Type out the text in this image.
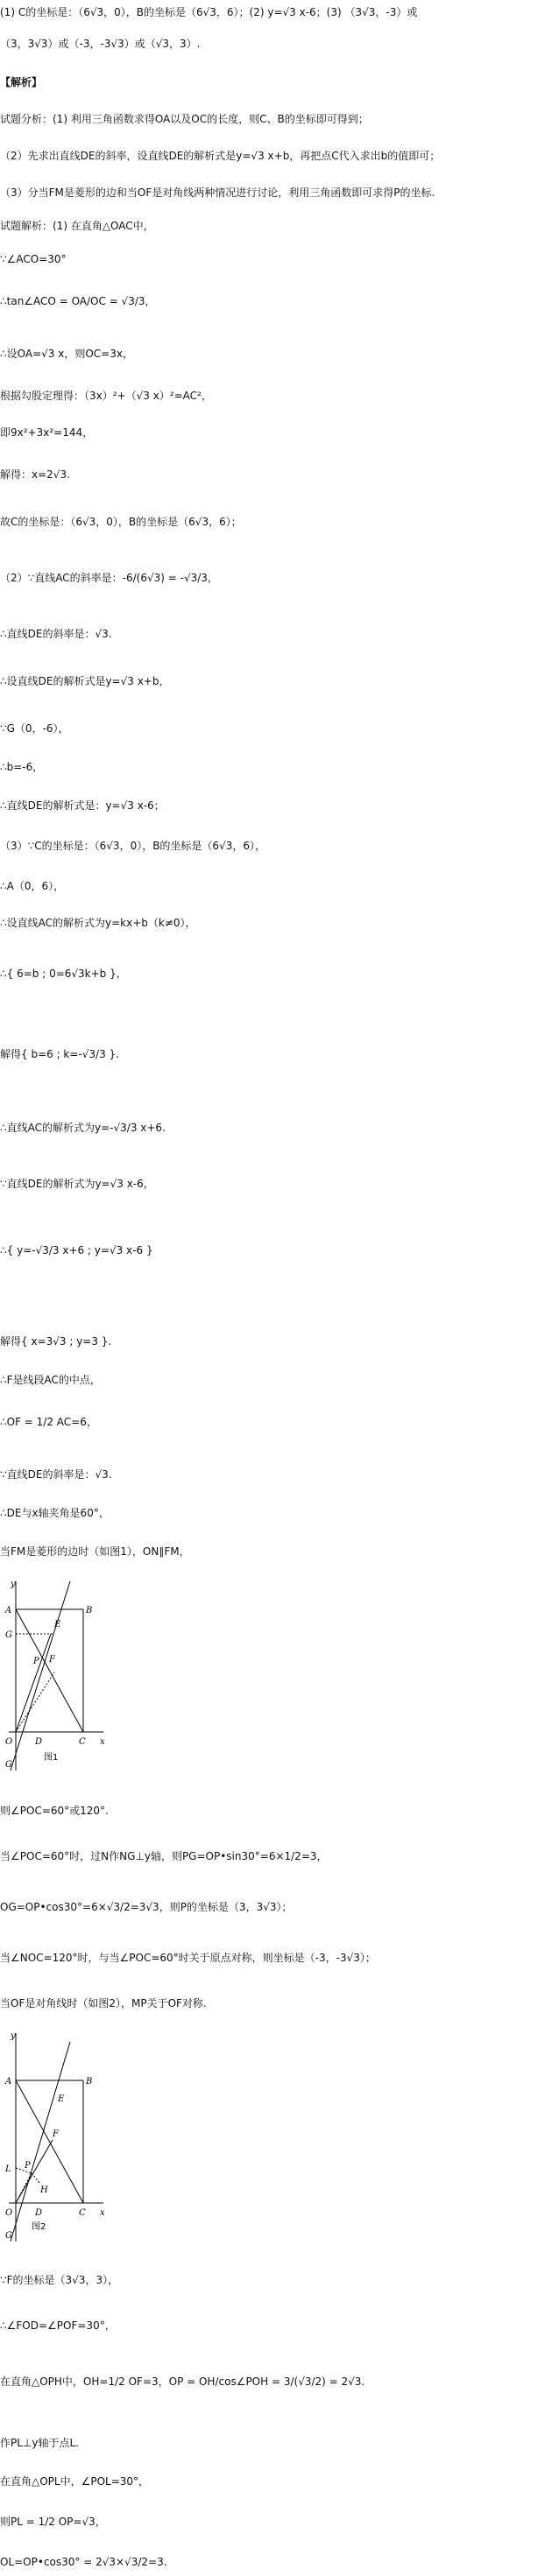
(1) C的坐标是：（6√3，0），B的坐标是（6√3，6）；(2) y=√3 x-6；(3) （3√3，-3）或
（3，3√3）或（-3，-3√3）或（√3，3）.
【解析】
试题分析：(1) 利用三角函数求得OA以及OC的长度，则C、B的坐标即可得到；
（2）先求出直线DE的斜率，设直线DE的解析式是y=√3 x+b，再把点C代入求出b的值即可；
（3）分当FM是菱形的边和当OF是对角线两种情况进行讨论，利用三角函数即可求得P的坐标.
试题解析：(1) 在直角△OAC中，
∵∠ACO=30°
∴tan∠ACO = OA/OC = √3/3，
∴设OA=√3 x，则OC=3x，
根据勾股定理得：（3x）²+（√3 x）²=AC²，
即9x²+3x²=144，
解得：x=2√3.
故C的坐标是：（6√3，0），B的坐标是（6√3，6）；
（2）∵直线AC的斜率是：-6/(6√3) = -√3/3，
∴直线DE的斜率是：√3.
∴设直线DE的解析式是y=√3 x+b，
∵G（0，-6），
∴b=-6，
∴直线DE的解析式是：y=√3 x-6；
（3）∵C的坐标是：（6√3，0），B的坐标是（6√3，6），
∴A（0，6），
∴设直线AC的解析式为y=kx+b（k≠0），
∴{ 6=b ; 0=6√3k+b }，
解得{ b=6 ; k=-√3/3 }.
∴直线AC的解析式为y=-√3/3 x+6.
∵直线DE的解析式为y=√3 x-6，
∴{ y=-√3/3 x+6 ; y=√3 x-6 }
解得{ x=3√3 ; y=3 }.
∴F是线段AC的中点，
∴OF = 1/2 AC=6，
∵直线DE的斜率是：√3.
∴DE与x轴夹角是60°，
当FM是菱形的边时（如图1），ON∥FM，
则∠POC=60°或120°.
当∠POC=60°时，过N作NG⊥y轴，则PG=OP•sin30°=6×1/2=3，
OG=OP•cos30°=6×√3/2=3√3，则P的坐标是（3，3√3）；
当∠NOC=120°时，与当∠POC=60°时关于原点对称，则坐标是（-3，-3√3）；
当OF是对角线时（如图2），MP关于OF对称.
∵F的坐标是（3√3，3），
∴∠FOD=∠POF=30°，
在直角△OPH中，OH=1/2 OF=3，OP = OH/cos∠POH = 3/(√3/2) = 2√3.
作PL⊥y轴于点L.
在直角△OPL中，∠POL=30°，
则PL = 1/2 OP=√3，
OL=OP•cos30° = 2√3×√3/2=3.
y
A
G
B
E
F
P
O	D	C x
G
图1
y
A
L
B
E
F
P
H
O	D	C x
G
图2
